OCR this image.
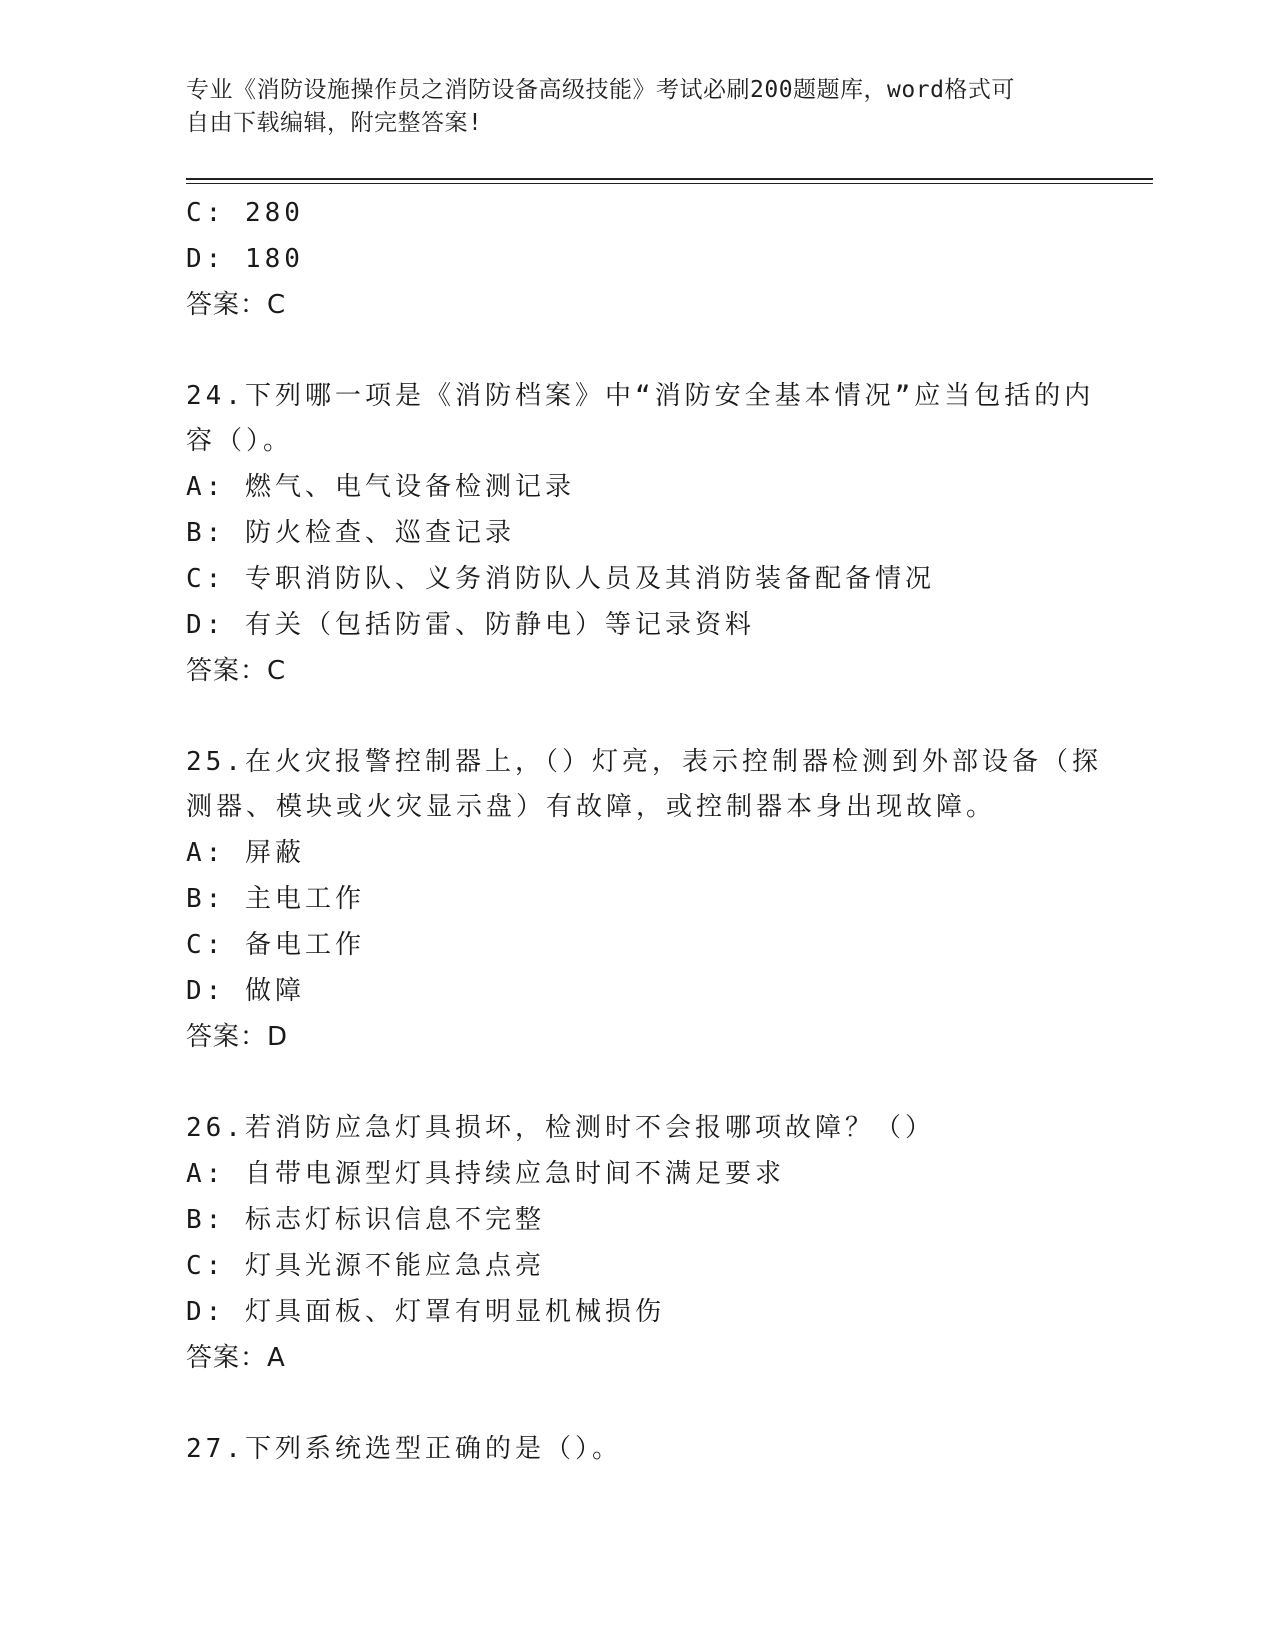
专业《消防设施操作员之消防设备高级技能》考试必刷200题题库，word格式可
自由下载编辑，附完整答案!
C: 280
D: 180
答案：C
24.下列哪一项是《消防档案》中“消防安全基本情况”应当包括的内
容（）。
A: 燃气、电气设备检测记录
B: 防火检查、巡查记录
C: 专职消防队、义务消防队人员及其消防装备配备情况
D: 有关（包括防雷、防静电）等记录资料
答案：C
25.在火灾报警控制器上，（）灯亮，表示控制器检测到外部设备（探
测器、模块或火灾显示盘）有故障，或控制器本身出现故障。
A: 屏蔽
B: 主电工作
C: 备电工作
D: 做障
答案：D
26.若消防应急灯具损坏，检测时不会报哪项故障？（）
A: 自带电源型灯具持续应急时间不满足要求
B: 标志灯标识信息不完整
C: 灯具光源不能应急点亮
D: 灯具面板、灯罩有明显机械损伤
答案：A
27.下列系统选型正确的是（）。
